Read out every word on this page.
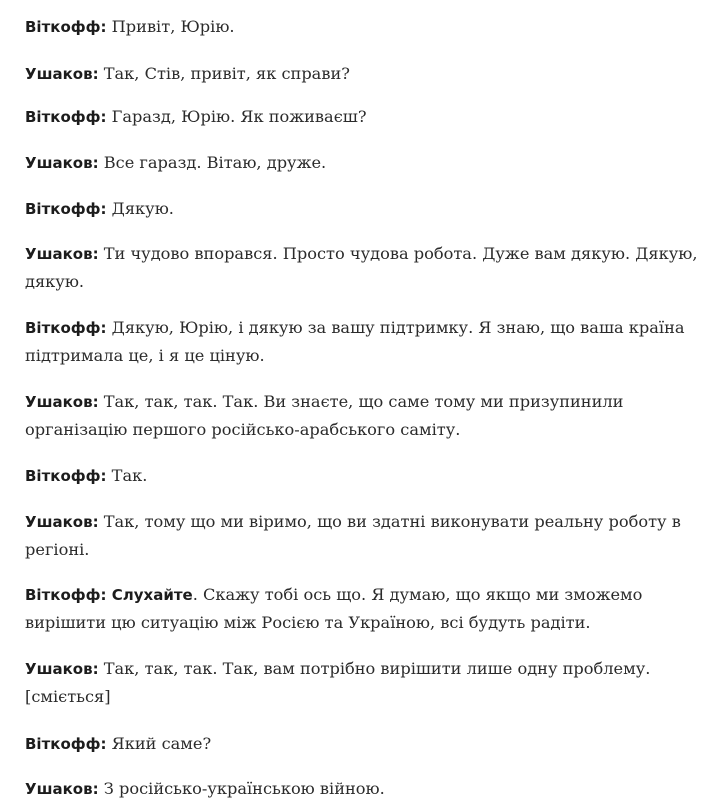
Віткофф: Привіт, Юрію.

Ушаков: Так, Стів, привіт, як справи?

Віткофф: Гаразд, Юрію. Як поживаєш?

Ушаков: Все гаразд. Вітаю, друже.

Віткофф: Дякую.

Ушаков: Ти чудово впорався. Просто чудова робота. Дуже вам дякую. Дякую, дякую.

Віткофф: Дякую, Юрію, і дякую за вашу підтримку. Я знаю, що ваша країна підтримала це, і я це ціную.

Ушаков: Так, так, так. Так. Ви знаєте, що саме тому ми призупинили організацію першого російсько-арабського саміту.

Віткофф: Так.

Ушаков: Так, тому що ми віримо, що ви здатні виконувати реальну роботу в регіоні.

Віткофф: Слухайте. Скажу тобі ось що. Я думаю, що якщо ми зможемо вирішити цю ситуацію між Росією та Україною, всі будуть радіти.

Ушаков: Так, так, так. Так, вам потрібно вирішити лише одну проблему. [сміється]

Віткофф: Який саме?

Ушаков: З російсько-українською війною.
